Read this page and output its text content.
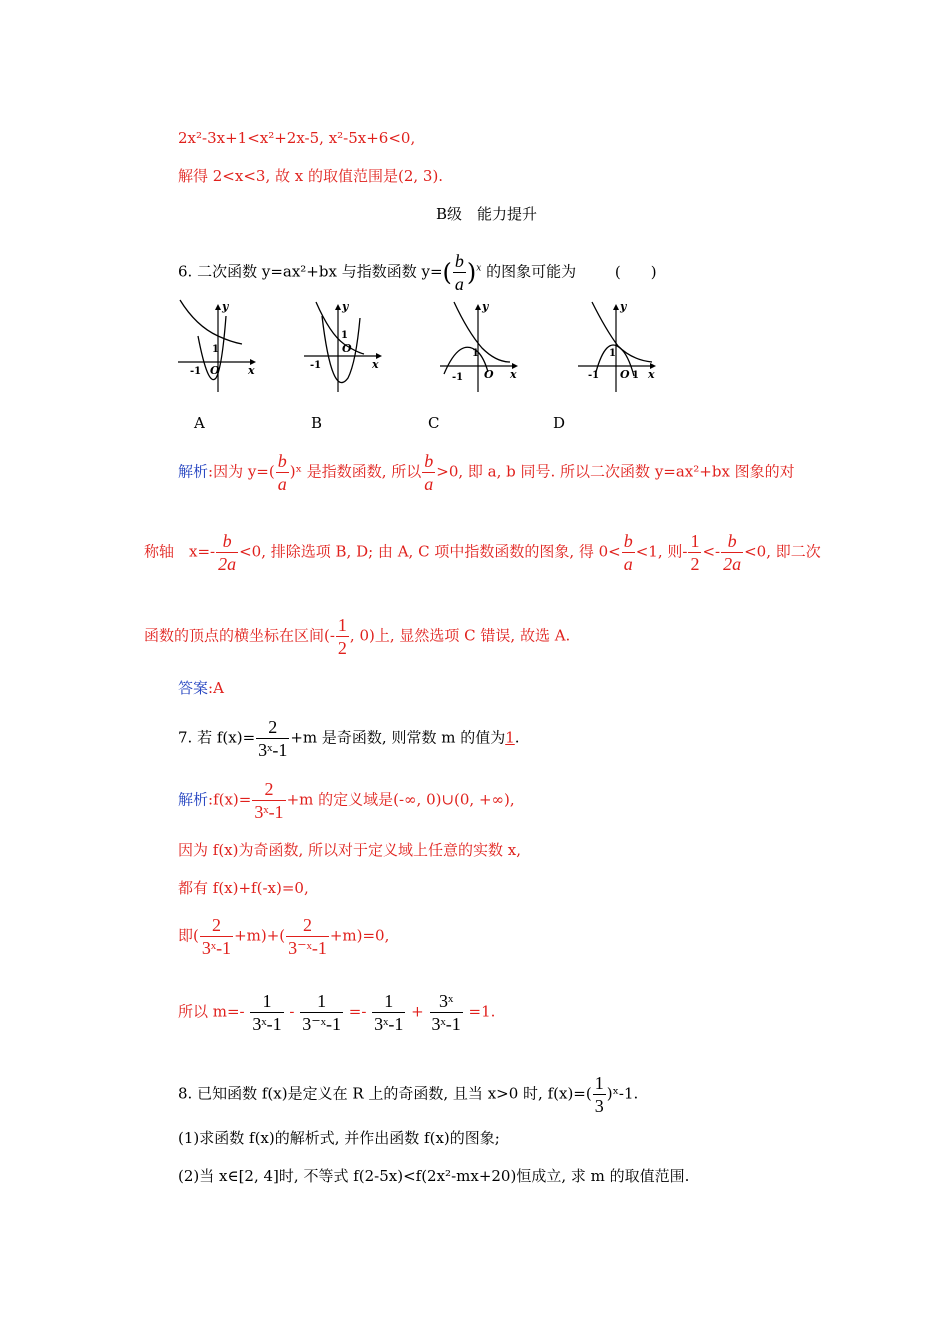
2x²-3x+1<x²+2x-5, x²-5x+6<0,
解得 2<x<3, 故 x 的取值范围是(2, 3).
B级　能力提升
6. 二次函数 y=ax²+bx 与指数函数 $y=( \frac{b}{a} )^x$ 的图象可能为	(　　)
y
x
O
1
-1
y
x
O
1
-1
y
x
O
1
-1
y
x
O
1
-1	1
A	B	C	D
解析:因为 $y=( \frac{b}{a}$ )ˣ 是指数函数, 所以 $\frac{b}{a} >0$, 即 a, b 同号. 所以二次函数 y=ax²+bx 图象的对
称轴　$x=- \frac{b}{2a} <0$, 排除选项 B, D; 由 A, C 项中指数函数的图象, 得 $0< \frac{b}{a} <1$, 则- $\frac{1}{2} <- \frac{b}{2a} <0$, 即二次
函数的顶点的横坐标在区间(- $\frac{1}{2}$ , 0)上, 显然选项 C 错误, 故选 A.
答案:A
7. 若 $f(x)= \frac{2}{\text{3ˣ-1}} +m$ 是奇函数, 则常数 m 的值为1.
解析:f(x)= $\frac{2}{\text{3ˣ-1}} +m$ 的定义域是(-∞, 0)∪(0, +∞),
因为 f(x)为奇函数, 所以对于定义域上任意的实数 x,
都有 f(x)+f(-x)=0,
即( $\frac{2}{\text{3ˣ-1}} +m)+( \frac{2}{\text{3⁻ˣ-1}} +m)=0$,
所以 $m=- \frac{1}{\text{3ˣ-1}} - \frac{1}{\text{3⁻ˣ-1}} =- \frac{1}{\text{3ˣ-1}} + \frac{\text{3ˣ}}{\text{3ˣ-1}} =1$.
8. 已知函数 f(x)是定义在 R 上的奇函数, 且当 x>0 时, $f(x)=( \frac{1}{3}$ )ˣ-1.
(1)求函数 f(x)的解析式, 并作出函数 f(x)的图象;
(2)当 x∈[2, 4]时, 不等式 f(2-5x)<f(2x²-mx+20)恒成立, 求 m 的取值范围.
